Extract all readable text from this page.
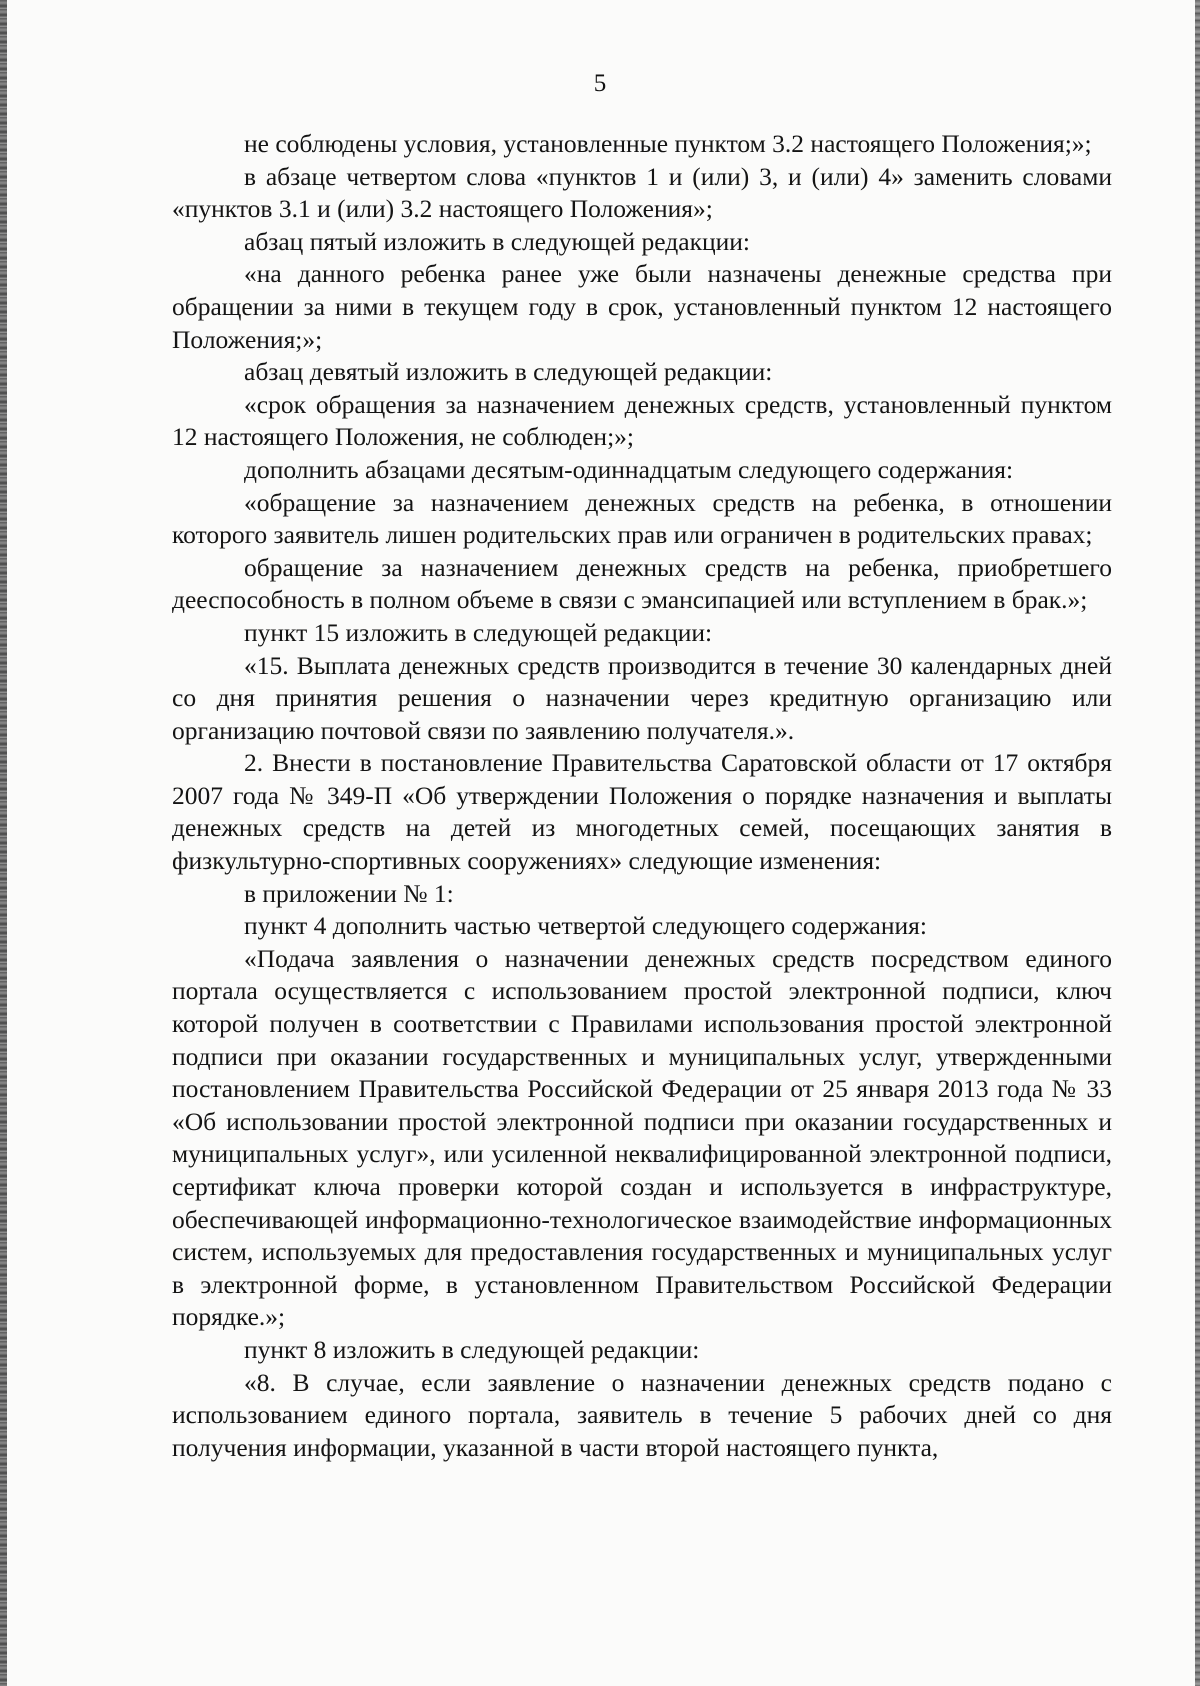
5

не соблюдены условия, установленные пунктом 3.2 настоящего Положения;»;

в абзаце четвертом слова «пунктов 1 и (или) 3, и (или) 4» заменить словами «пунктов 3.1 и (или) 3.2 настоящего Положения»;

абзац пятый изложить в следующей редакции:

«на данного ребенка ранее уже были назначены денежные средства при обращении за ними в текущем году в срок, установленный пунктом 12 настоящего Положения;»;

абзац девятый изложить в следующей редакции:

«срок обращения за назначением денежных средств, установленный пунктом 12 настоящего Положения, не соблюден;»;

дополнить абзацами десятым-одиннадцатым следующего содержания:

«обращение за назначением денежных средств на ребенка, в отношении которого заявитель лишен родительских прав или ограничен в родительских правах;

обращение за назначением денежных средств на ребенка, приобретшего дееспособность в полном объеме в связи с эмансипацией или вступлением в брак.»;

пункт 15 изложить в следующей редакции:

«15. Выплата денежных средств производится в течение 30 календарных дней со дня принятия решения о назначении через кредитную организацию или организацию почтовой связи по заявлению получателя.».

2. Внести в постановление Правительства Саратовской области от 17 октября 2007 года № 349-П «Об утверждении Положения о порядке назначения и выплаты денежных средств на детей из многодетных семей, посещающих занятия в физкультурно-спортивных сооружениях» следующие изменения:

в приложении № 1:

пункт 4 дополнить частью четвертой следующего содержания:

«Подача заявления о назначении денежных средств посредством единого портала осуществляется с использованием простой электронной подписи, ключ которой получен в соответствии с Правилами использования простой электронной подписи при оказании государственных и муниципальных услуг, утвержденными постановлением Правительства Российской Федерации от 25 января 2013 года № 33 «Об использовании простой электронной подписи при оказании государственных и муниципальных услуг», или усиленной неквалифицированной электронной подписи, сертификат ключа проверки которой создан и используется в инфраструктуре, обеспечивающей информационно-технологическое взаимодействие информационных систем, используемых для предоставления государственных и муниципальных услуг в электронной форме, в установленном Правительством Российской Федерации порядке.»;

пункт 8 изложить в следующей редакции:

«8. В случае, если заявление о назначении денежных средств подано с использованием единого портала, заявитель в течение 5 рабочих дней со дня получения информации, указанной в части второй настоящего пункта,
